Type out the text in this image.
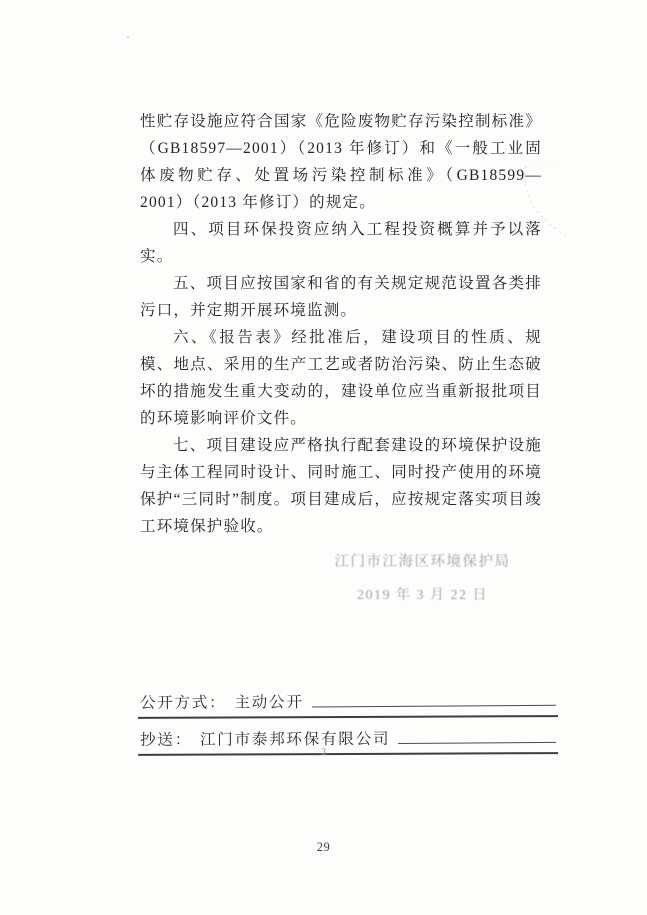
性贮存设施应符合国家《危险废物贮存污染控制标准》（GB18597—2001）（2013 年修订）和《一般工业固体废物贮存、处置场污染控制标准》（GB18599—2001）（2013 年修订）的规定。

四、项目环保投资应纳入工程投资概算并予以落实。

五、项目应按国家和省的有关规定规范设置各类排污口，并定期开展环境监测。

六、《报告表》经批准后，建设项目的性质、规模、地点、采用的生产工艺或者防治污染、防止生态破坏的措施发生重大变动的，建设单位应当重新报批项目的环境影响评价文件。

七、项目建设应严格执行配套建设的环境保护设施与主体工程同时设计、同时施工、同时投产使用的环境保护“三同时”制度。项目建成后，应按规定落实项目竣工环境保护验收。

江门市江海区环境保护局
2019 年 3 月 22 日
公开方式： 主动公开
抄送： 江门市泰邦环保有限公司
3
29
